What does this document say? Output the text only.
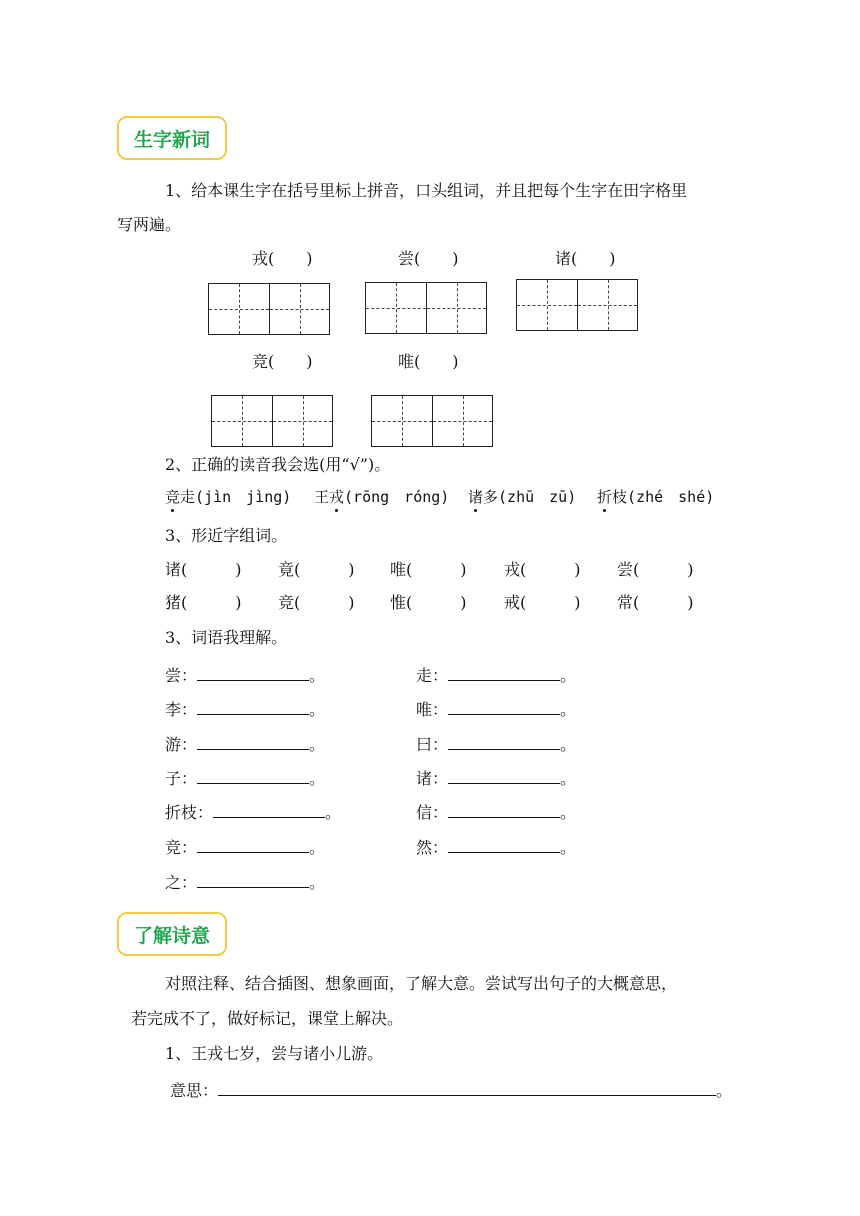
生字新词
1、给本课生字在括号里标上拼音，口头组词，并且把每个生字在田字格里
写两遍。
戎(　　)	尝(　　)	诸(　　)
竞(　　)	唯(　　)
2、正确的读音我会选(用“√”)。
竞走(jìn　jìng) 王戎(rōng　róng) 诸多(zhū　zū) 折枝(zhé　shé)
3、形近字组词。
诸(　　　) 竟(　　　) 唯(　　　) 戎(　　　) 尝(　　　)
猪(　　　) 竞(　　　) 惟(　　　) 戒(　　　) 常(　　　)
3、词语我理解。
尝：	。
李：	。
游：	。
子：	。
折枝：	。
竞：	。
之：	。
走：	。
唯：	。
曰：	。
诸：	。
信：	。
然：	。
了解诗意
对照注释、结合插图、想象画面，了解大意。尝试写出句子的大概意思，
若完成不了，做好标记，课堂上解决。
1、王戎七岁，尝与诸小儿游。
意思：	。
